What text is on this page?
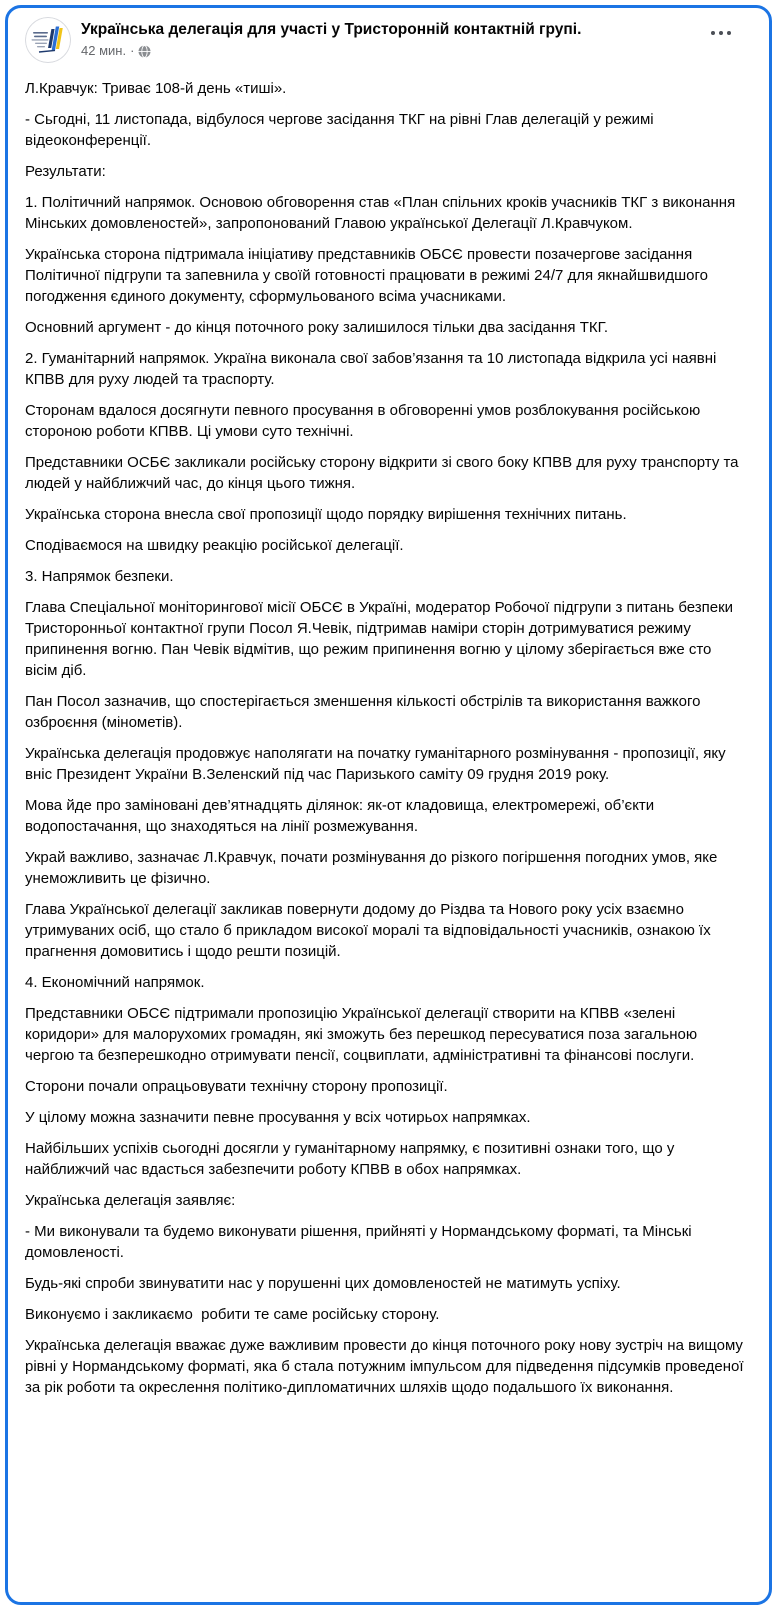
Українська делегація для участі у Тристоронній контактній групі.
42 мин. ·

Л.Кравчук: Триває 108-й день «тиші».

- Сьгодні, 11 листопада, відбулося чергове засідання ТКГ на рівні Глав делегацій у режимі відеоконференції.

Результати:

1. Політичний напрямок. Основою обговорення став «План спільних кроків учасників ТКГ з виконання Мінських домовленостей», запропонований Главою української Делегації Л.Кравчуком.

Українська сторона підтримала ініціативу представників ОБСЄ провести позачергове засідання Політичної підгрупи та запевнила у своїй готовності працювати в режимі 24/7 для якнайшвидшого погодження єдиного документу, сформульованого всіма учасниками.

Основний аргумент - до кінця поточного року залишилося тільки два засідання ТКГ.

2. Гуманітарний напрямок. Україна виконала свої забов’язання та 10 листопада відкрила усі наявні КПВВ для руху людей та траспорту.

Сторонам вдалося досягнути певного просування в обговоренні умов розблокування російською стороною роботи КПВВ. Ці умови суто технічні.

Представники ОСБЄ закликали російську сторону відкрити зі свого боку КПВВ для руху транспорту та людей у найближчий час, до кінця цього тижня.

Українська сторона внесла свої пропозиції щодо порядку вирішення технічних питань.

Сподіваємося на швидку реакцію російської делегації.

3. Напрямок безпеки.

Глава Спеціальної моніторингової місії ОБСЄ в Україні, модератор Робочої підгрупи з питань безпеки Тристоронньої контактної групи Посол Я.Чевік, підтримав наміри сторін дотримуватися режиму припинення вогню. Пан Чевік відмітив, що режим припинення вогню у цілому зберігається вже сто вісім діб.

Пан Посол зазначив, що спостерігається зменшення кількості обстрілів та використання важкого озброєння (мінометів).

Українська делегація продовжує наполягати на початку гуманітарного розмінування - пропозиції, яку вніс Президент України В.Зеленский під час Паризького саміту 09 грудня 2019 року.

Мова йде про заміновані дев’ятнадцять ділянок: як-от кладовища, електромережі, об’єкти водопостачання, що знаходяться на лінії розмежування.

Украй важливо, зазначає Л.Кравчук, почати розмінування до різкого погіршення погодних умов, яке унеможливить це фізично.

Глава Української делегації закликав повернути додому до Різдва та Нового року усіх взаємно утримуваних осіб, що стало б прикладом високої моралі та відповідальності учасників, ознакою їх прагнення домовитись і щодо решти позицій.

4. Економічний напрямок.

Представники ОБСЄ підтримали пропозицію Української делегації створити на КПВВ «зелені коридори» для малорухомих громадян, які зможуть без перешкод пересуватися поза загальною чергою та безперешкодно отримувати пенсії, соцвиплати, адміністративні та фінансові послуги.

Сторони почали опрацьовувати технічну сторону пропозиції.

У цілому можна зазначити певне просування у всіх чотирьох напрямках.

Найбільших успіхів сьогодні досягли у гуманітарному напрямку, є позитивні ознаки того, що у найближчий час вдасться забезпечити роботу КПВВ в обох напрямках.

Українська делегація заявляє:

- Ми виконували та будемо виконувати рішення, прийняті у Нормандському форматі, та Мінські домовленості.

Будь-які спроби звинуватити нас у порушенні цих домовленостей не матимуть успіху.

Виконуємо і закликаємо  робити те саме російську сторону.

Українська делегація вважає дуже важливим провести до кінця поточного року нову зустріч на вищому рівні у Нормандському форматі, яка б стала потужним імпульсом для підведення підсумків проведеної за рік роботи та окреслення політико-дипломатичних шляхів щодо подальшого їх виконання.
